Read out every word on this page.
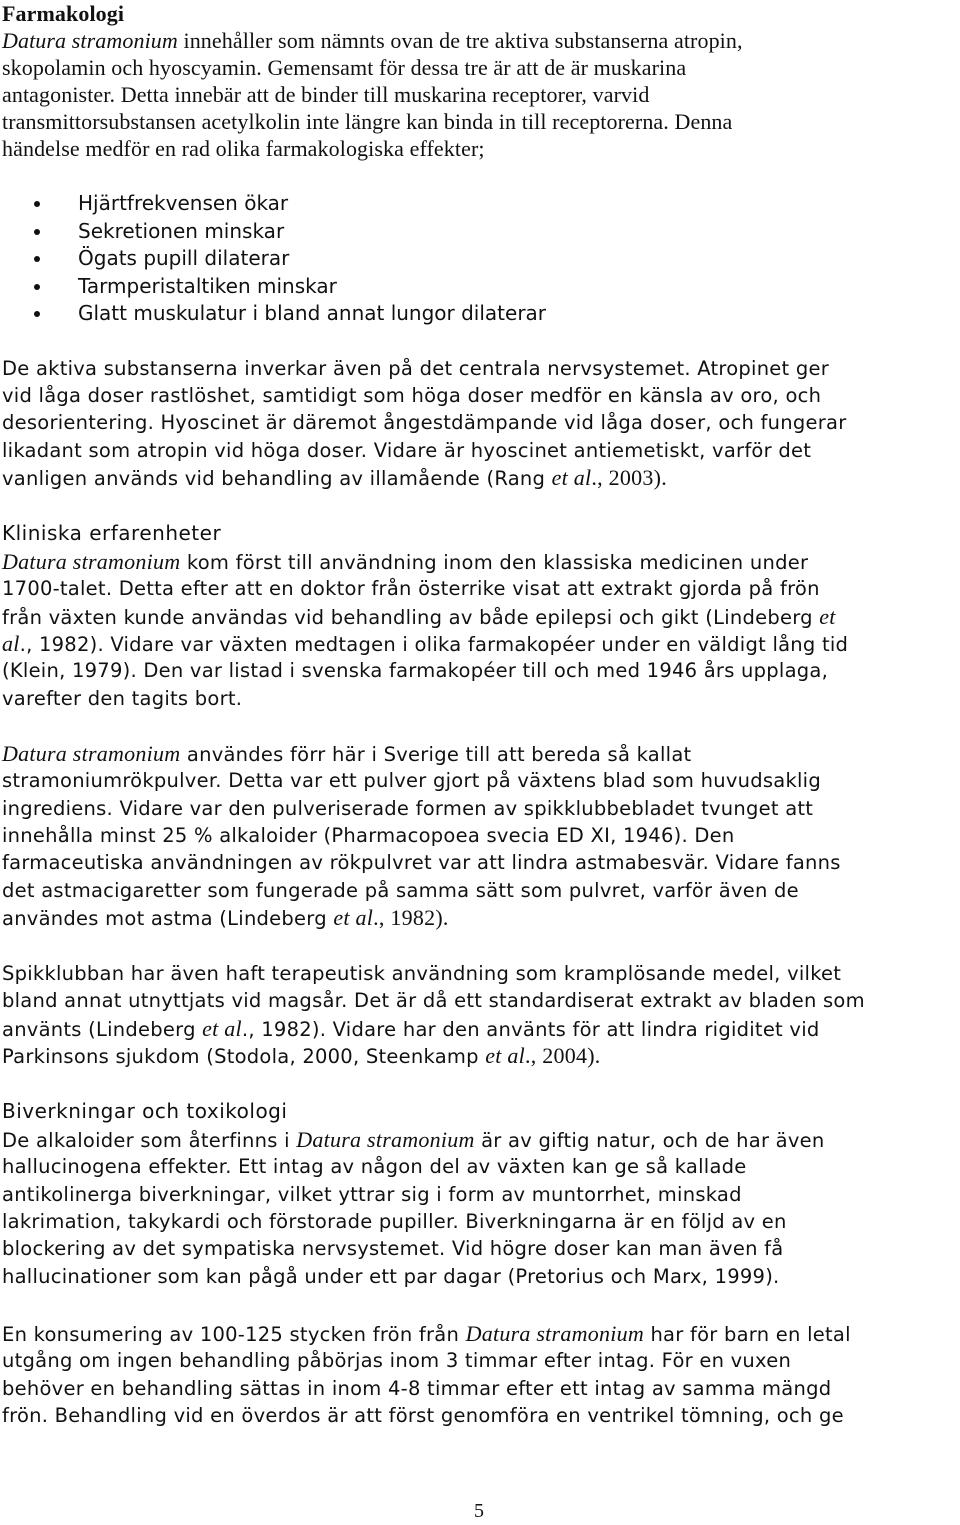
Farmakologi
Datura stramonium innehåller som nämnts ovan de tre aktiva substanserna atropin,
skopolamin och hyoscyamin. Gemensamt för dessa tre är att de är muskarina
antagonister. Detta innebär att de binder till muskarina receptorer, varvid
transmittorsubstansen acetylkolin inte längre kan binda in till receptorerna. Denna
händelse medför en rad olika farmakologiska effekter;
Hjärtfrekvensen ökar
Sekretionen minskar
Ögats pupill dilaterar
Tarmperistaltiken minskar
Glatt muskulatur i bland annat lungor dilaterar
De aktiva substanserna inverkar även på det centrala nervsystemet. Atropinet ger
vid låga doser rastlöshet, samtidigt som höga doser medför en känsla av oro, och
desorientering. Hyoscinet är däremot ångestdämpande vid låga doser, och fungerar
likadant som atropin vid höga doser. Vidare är hyoscinet antiemetiskt, varför det
vanligen används vid behandling av illamående (Rang et al., 2003).
Kliniska erfarenheter
Datura stramonium kom först till användning inom den klassiska medicinen under
1700-talet. Detta efter att en doktor från österrike visat att extrakt gjorda på frön
från växten kunde användas vid behandling av både epilepsi och gikt (Lindeberg et
al., 1982). Vidare var växten medtagen i olika farmakopéer under en väldigt lång tid
(Klein, 1979). Den var listad i svenska farmakopéer till och med 1946 års upplaga,
varefter den tagits bort.
Datura stramonium användes förr här i Sverige till att bereda så kallat
stramoniumrökpulver. Detta var ett pulver gjort på växtens blad som huvudsaklig
ingrediens. Vidare var den pulveriserade formen av spikklubbebladet tvunget att
innehålla minst 25 % alkaloider (Pharmacopoea svecia ED XI, 1946). Den
farmaceutiska användningen av rökpulvret var att lindra astmabesvär. Vidare fanns
det astmacigaretter som fungerade på samma sätt som pulvret, varför även de
användes mot astma (Lindeberg et al., 1982).
Spikklubban har även haft terapeutisk användning som kramplösande medel, vilket
bland annat utnyttjats vid magsår. Det är då ett standardiserat extrakt av bladen som
använts (Lindeberg et al., 1982). Vidare har den använts för att lindra rigiditet vid
Parkinsons sjukdom (Stodola, 2000, Steenkamp et al., 2004).
Biverkningar och toxikologi
De alkaloider som återfinns i Datura stramonium är av giftig natur, och de har även
hallucinogena effekter. Ett intag av någon del av växten kan ge så kallade
antikolinerga biverkningar, vilket yttrar sig i form av muntorrhet, minskad
lakrimation, takykardi och förstorade pupiller. Biverkningarna är en följd av en
blockering av det sympatiska nervsystemet. Vid högre doser kan man även få
hallucinationer som kan pågå under ett par dagar (Pretorius och Marx, 1999).
En konsumering av 100-125 stycken frön från Datura stramonium har för barn en letal
utgång om ingen behandling påbörjas inom 3 timmar efter intag. För en vuxen
behöver en behandling sättas in inom 4-8 timmar efter ett intag av samma mängd
frön. Behandling vid en överdos är att först genomföra en ventrikel tömning, och ge
5
